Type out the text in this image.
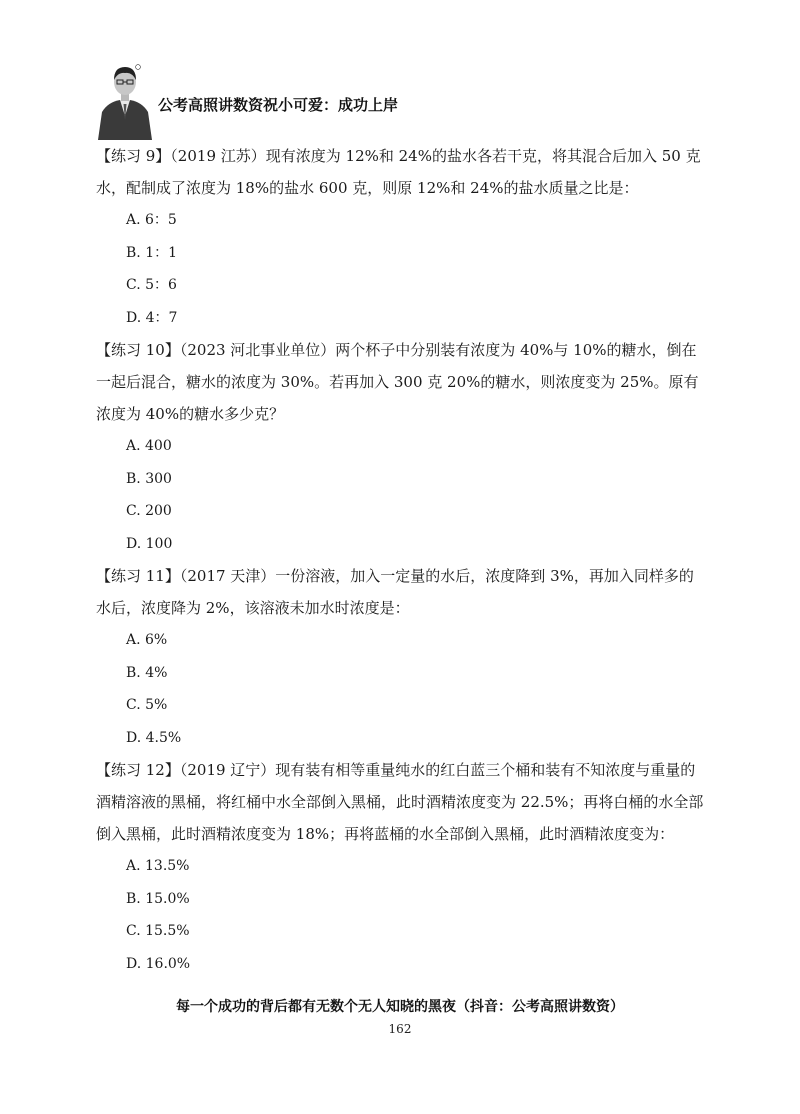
公考高照讲数资祝小可爱：成功上岸

【练习 9】（2019 江苏）现有浓度为 12%和 24%的盐水各若干克，将其混合后加入 50 克水，配制成了浓度为 18%的盐水 600 克，则原 12%和 24%的盐水质量之比是：

A. 6：5

B. 1：1

C. 5：6

D. 4：7

【练习 10】（2023 河北事业单位）两个杯子中分别装有浓度为 40%与 10%的糖水，倒在一起后混合，糖水的浓度为 30%。若再加入 300 克 20%的糖水，则浓度变为 25%。原有浓度为 40%的糖水多少克？

A. 400

B. 300

C. 200

D. 100

【练习 11】（2017 天津）一份溶液，加入一定量的水后，浓度降到 3%，再加入同样多的水后，浓度降为 2%，该溶液未加水时浓度是：

A. 6%

B. 4%

C. 5%

D. 4.5%

【练习 12】（2019 辽宁）现有装有相等重量纯水的红白蓝三个桶和装有不知浓度与重量的酒精溶液的黑桶，将红桶中水全部倒入黑桶，此时酒精浓度变为 22.5%；再将白桶的水全部倒入黑桶，此时酒精浓度变为 18%；再将蓝桶的水全部倒入黑桶，此时酒精浓度变为：

A. 13.5%

B. 15.0%

C. 15.5%

D. 16.0%

每一个成功的背后都有无数个无人知晓的黑夜（抖音：公考高照讲数资）
162
